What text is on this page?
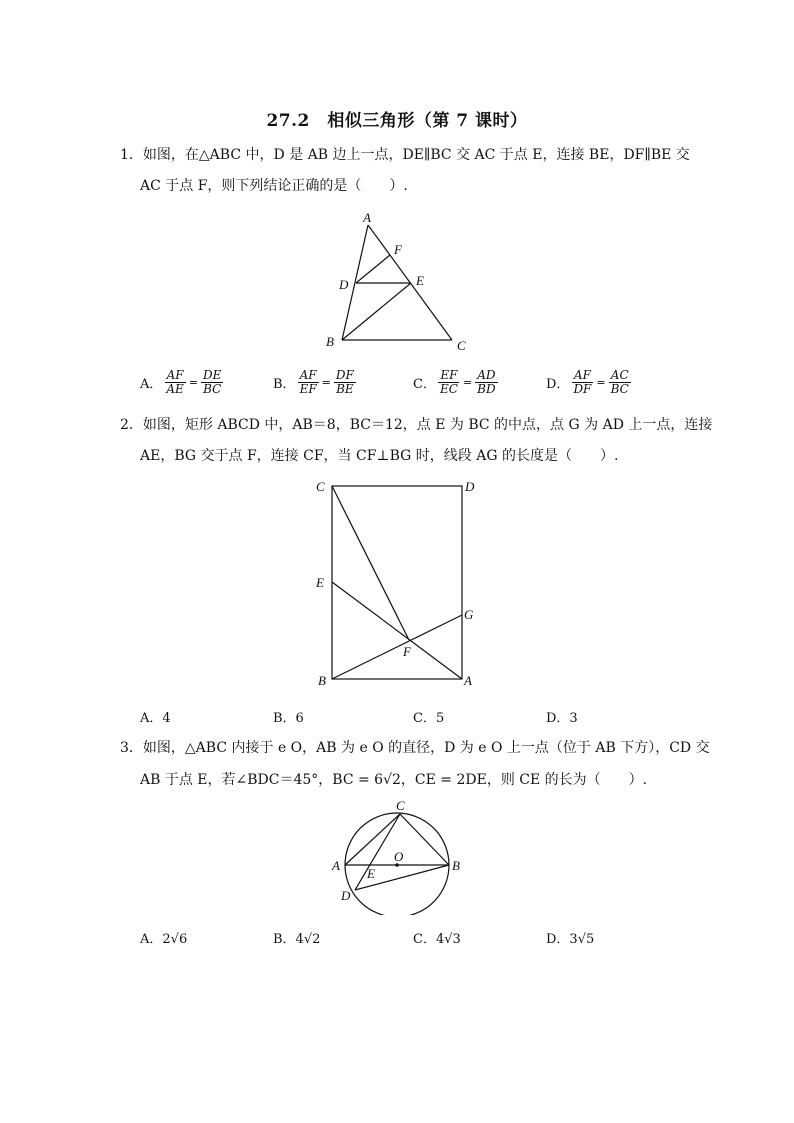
27.2　相似三角形（第 7 课时）
1．如图，在△ABC 中，D 是 AB 边上一点，DE∥BC 交 AC 于点 E，连接 BE，DF∥BE 交
AC 于点 F，则下列结论正确的是（　　）.
A
F
D	E
B	C
A． $\frac{AF}{AE} = \frac{DE}{BC}$	B． $\frac{AF}{EF} = \frac{DF}{BE}$	C． $\frac{EF}{EC} = \frac{AD}{BD}$	D． $\frac{AF}{DF} = \frac{AC}{BC}$
2．如图，矩形 ABCD 中，AB＝8，BC＝12，点 E 为 BC 的中点，点 G 为 AD 上一点，连接
AE，BG 交于点 F，连接 CF，当 CF⊥BG 时，线段 AG 的长度是（　　）.
C	D
E
G
F
B	A
A．4	B．6	C．5	D．3
3．如图，△ABC 内接于 e O，AB 为 e O 的直径，D 为 e O 上一点（位于 AB 下方），CD 交
AB 于点 E，若∠BDC＝45°，BC = 6√2，CE = 2DE，则 CE 的长为（　　）.
C
O
A	B
E
D
A．2√6	B．4√2	C．4√3	D．3√5
